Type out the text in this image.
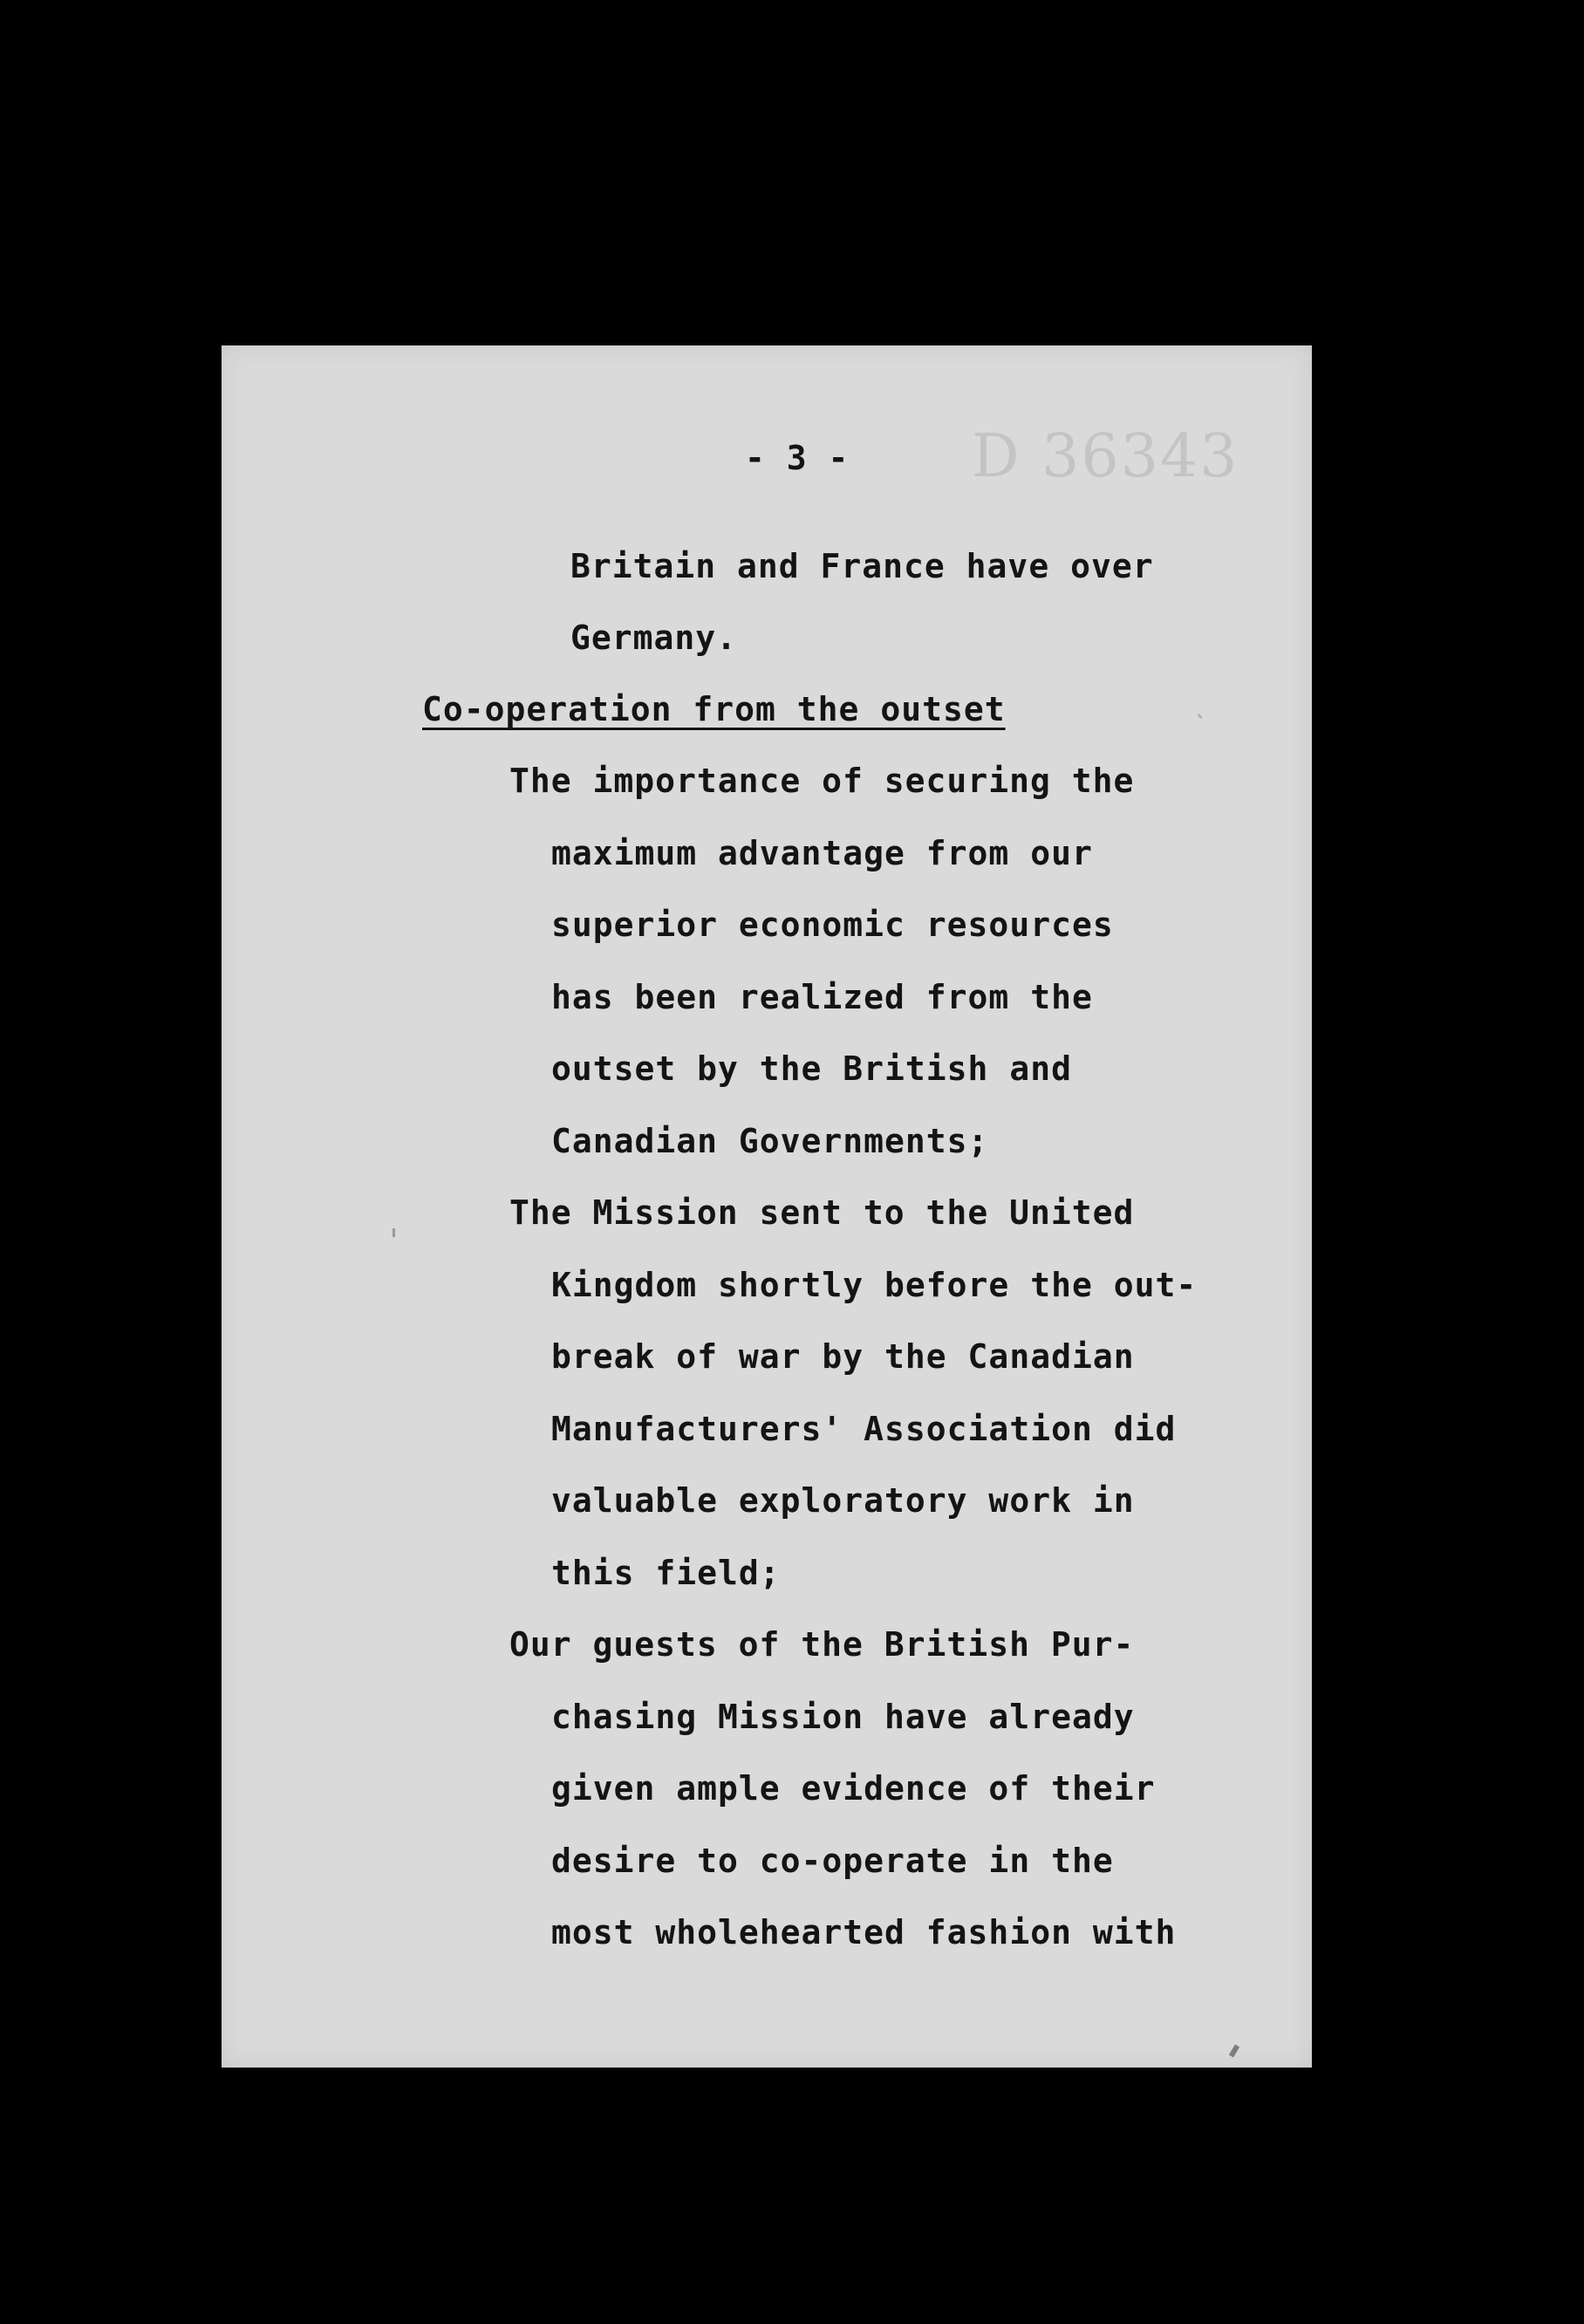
- 3 - D 36343
Britain and France have over
Germany.
Co-operation from the outset
The importance of securing the
maximum advantage from our
superior economic resources
has been realized from the
outset by the British and
Canadian Governments;
The Mission sent to the United
Kingdom shortly before the out-
break of war by the Canadian
Manufacturers' Association did
valuable exploratory work in
this field;
Our guests of the British Pur-
chasing Mission have already
given ample evidence of their
desire to co-operate in the
most wholehearted fashion with
